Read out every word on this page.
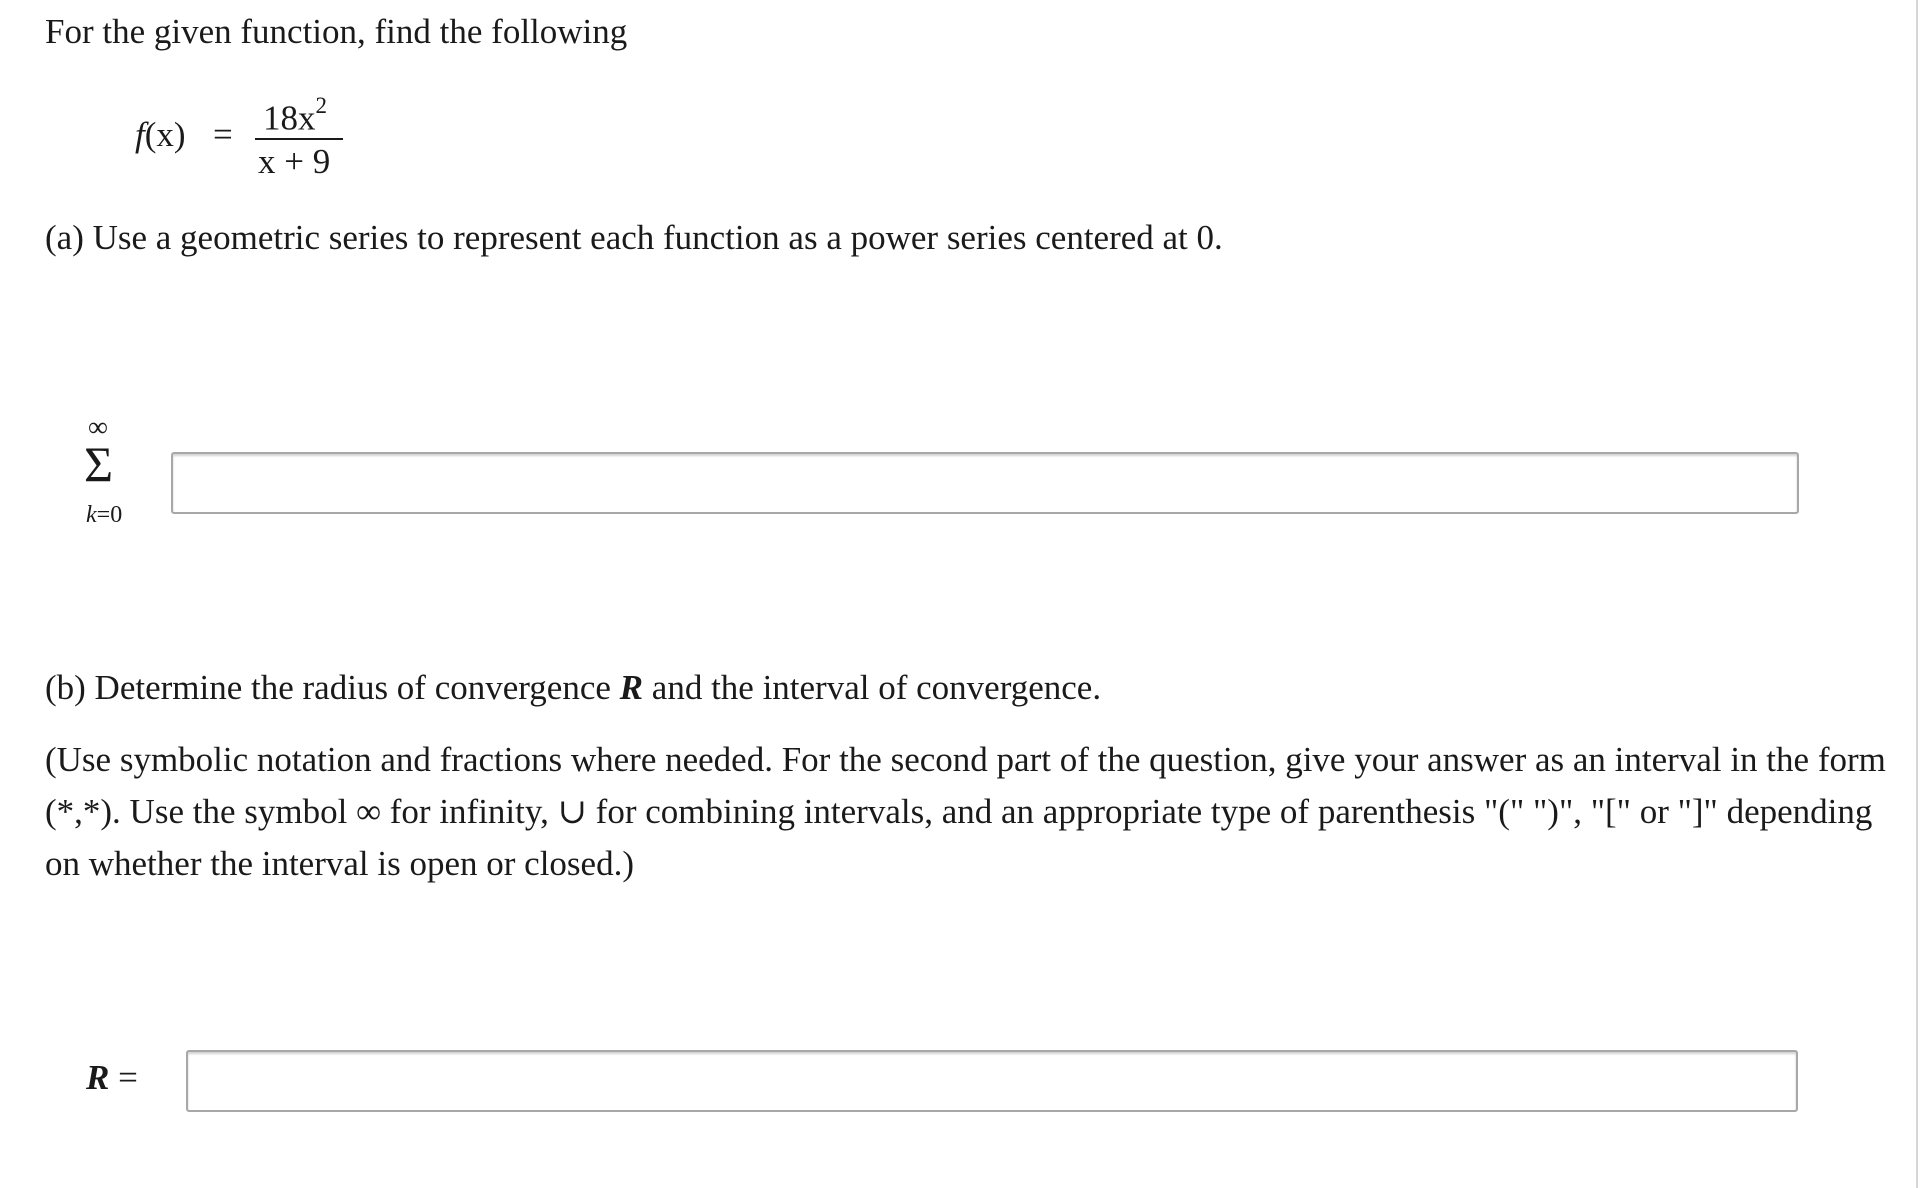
For the given function, find the following
$f(x) = 18x^2$
x + 9
(a) Use a geometric series to represent each function as a power series centered at 0.
∞
Σ
k=0
(b) Determine the radius of convergence R and the interval of convergence.
(Use symbolic notation and fractions where needed. For the second part of the question, give your answer as an interval in the form (*,*). Use the symbol ∞ for infinity, ∪ for combining intervals, and an appropriate type of parenthesis "(" ")", "[" or "]" depending on whether the interval is open or closed.)
R =
